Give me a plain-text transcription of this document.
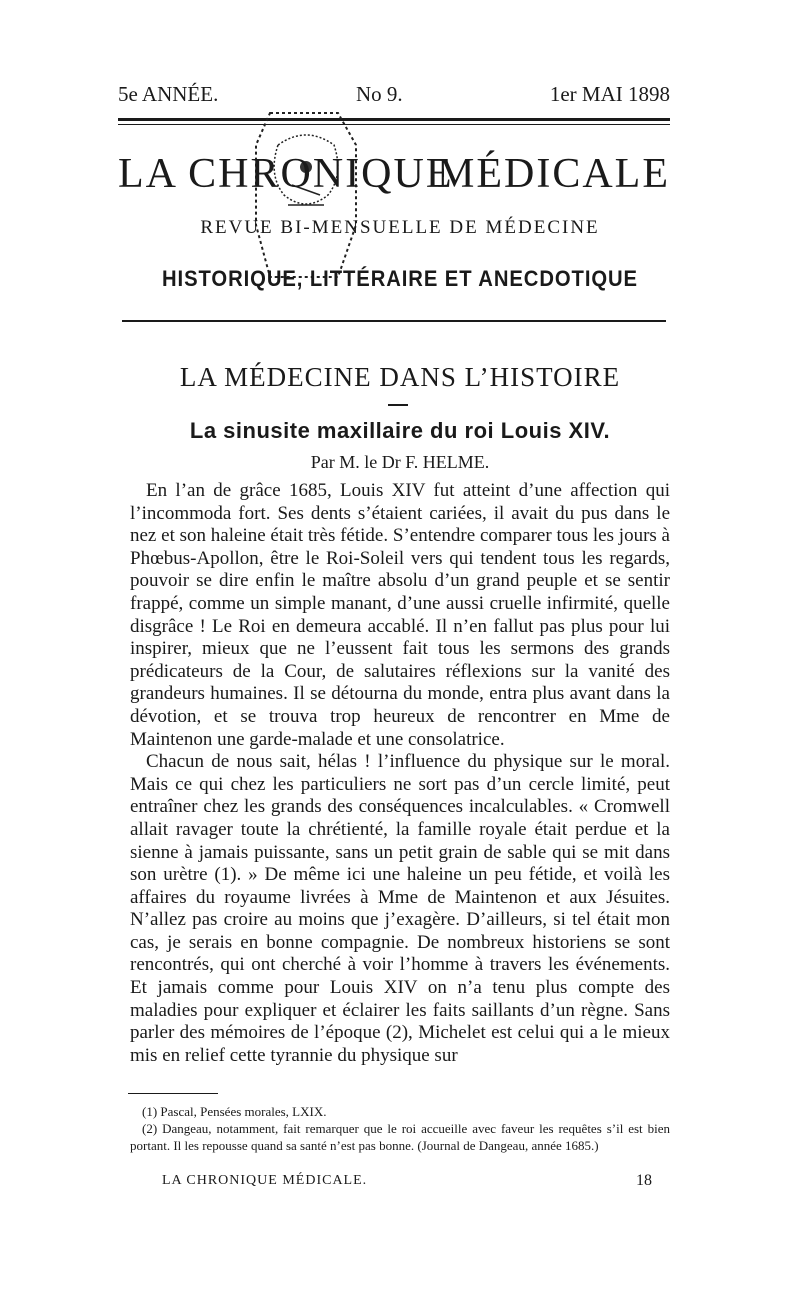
5e ANNÉE.	No 9.	1er MAI 1898
LA CHRONIQUE
MÉDICALE
REVUE BI-MENSUELLE DE MÉDECINE
HISTORIQUE, LITTÉRAIRE ET ANECDOTIQUE
LA MÉDECINE DANS L’HISTOIRE
La sinusite maxillaire du roi Louis XIV.
Par M. le Dr F. HELME.

En l’an de grâce 1685, Louis XIV fut atteint d’une affection qui l’incommoda fort. Ses dents s’étaient cariées, il avait du pus dans le nez et son haleine était très fétide. S’entendre comparer tous les jours à Phœbus-Apollon, être le Roi-Soleil vers qui tendent tous les regards, pouvoir se dire enfin le maître absolu d’un grand peuple et se sentir frappé, comme un simple manant, d’une aussi cruelle infirmité, quelle disgrâce ! Le Roi en demeura accablé. Il n’en fallut pas plus pour lui inspirer, mieux que ne l’eussent fait tous les sermons des grands prédicateurs de la Cour, de salutaires réflexions sur la vanité des grandeurs humaines. Il se détourna du monde, entra plus avant dans la dévotion, et se trouva trop heureux de rencontrer en Mme de Maintenon une garde-malade et une consolatrice.

Chacun de nous sait, hélas ! l’influence du physique sur le moral. Mais ce qui chez les particuliers ne sort pas d’un cercle limité, peut entraîner chez les grands des conséquences incalculables. « Cromwell allait ravager toute la chrétienté, la famille royale était perdue et la sienne à jamais puissante, sans un petit grain de sable qui se mit dans son urètre (1). » De même ici une haleine un peu fétide, et voilà les affaires du royaume livrées à Mme de Maintenon et aux Jésuites. N’allez pas croire au moins que j’exagère. D’ailleurs, si tel était mon cas, je serais en bonne compagnie. De nombreux historiens se sont rencontrés, qui ont cherché à voir l’homme à travers les événements. Et jamais comme pour Louis XIV on n’a tenu plus compte des maladies pour expliquer et éclairer les faits saillants d’un règne. Sans parler des mémoires de l’époque (2), Michelet est celui qui a le mieux mis en relief cette tyrannie du physique sur

(1) Pascal, Pensées morales, LXIX.

(2) Dangeau, notamment, fait remarquer que le roi accueille avec faveur les requêtes s’il est bien portant. Il les repousse quand sa santé n’est pas bonne. (Journal de Dangeau, année 1685.)

LA CHRONIQUE MÉDICALE.	18
